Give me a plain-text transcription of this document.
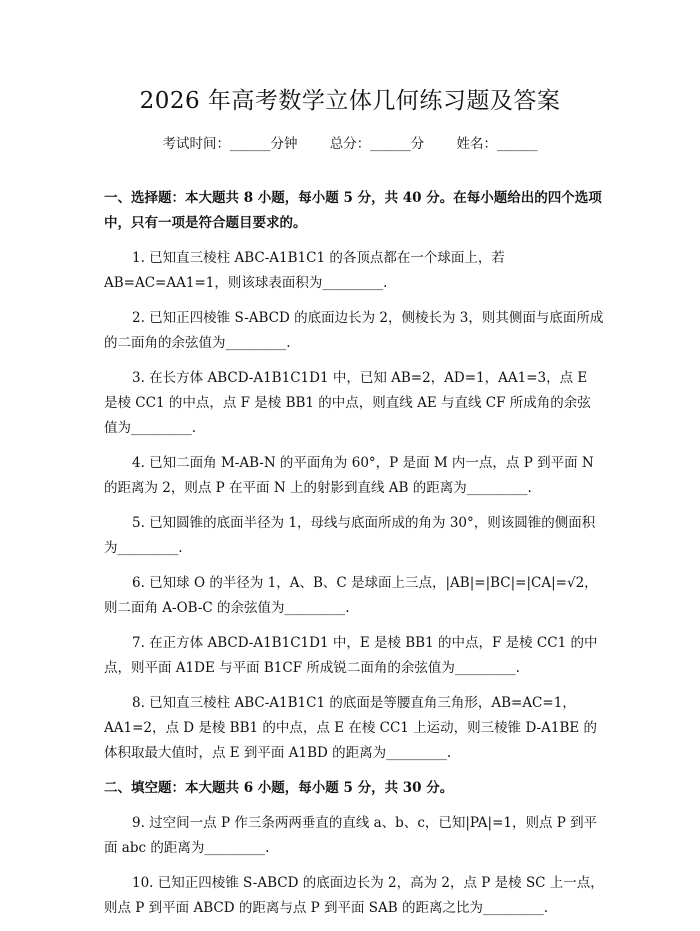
2026 年高考数学立体几何练习题及答案
考试时间：______分钟 总分：______分 姓名：______
一、选择题：本大题共 8 小题，每小题 5 分，共 40 分。在每小题给出的四个选项中，只有一项是符合题目要求的。
1. 已知直三棱柱 ABC-A1B1C1 的各顶点都在一个球面上，若 AB=AC=AA1=1，则该球表面积为_________.
2. 已知正四棱锥 S-ABCD 的底面边长为 2，侧棱长为 3，则其侧面与底面所成的二面角的余弦值为_________.
3. 在长方体 ABCD-A1B1C1D1 中，已知 AB=2，AD=1，AA1=3，点 E 是棱 CC1 的中点，点 F 是棱 BB1 的中点，则直线 AE 与直线 CF 所成角的余弦值为_________.
4. 已知二面角 M-AB-N 的平面角为 60°，P 是面 M 内一点，点 P 到平面 N 的距离为 2，则点 P 在平面 N 上的射影到直线 AB 的距离为_________.
5. 已知圆锥的底面半径为 1，母线与底面所成的角为 30°，则该圆锥的侧面积为_________.
6. 已知球 O 的半径为 1，A、B、C 是球面上三点，|AB|=|BC|=|CA|=√2，则二面角 A-OB-C 的余弦值为_________.
7. 在正方体 ABCD-A1B1C1D1 中，E 是棱 BB1 的中点，F 是棱 CC1 的中点，则平面 A1DE 与平面 B1CF 所成锐二面角的余弦值为_________.
8. 已知直三棱柱 ABC-A1B1C1 的底面是等腰直角三角形，AB=AC=1，AA1=2，点 D 是棱 BB1 的中点，点 E 在棱 CC1 上运动，则三棱锥 D-A1BE 的体积取最大值时，点 E 到平面 A1BD 的距离为_________.
二、填空题：本大题共 6 小题，每小题 5 分，共 30 分。
9. 过空间一点 P 作三条两两垂直的直线 a、b、c，已知|PA|=1，则点 P 到平面 abc 的距离为_________.
10. 已知正四棱锥 S-ABCD 的底面边长为 2，高为 2，点 P 是棱 SC 上一点，则点 P 到平面 ABCD 的距离与点 P 到平面 SAB 的距离之比为_________.
